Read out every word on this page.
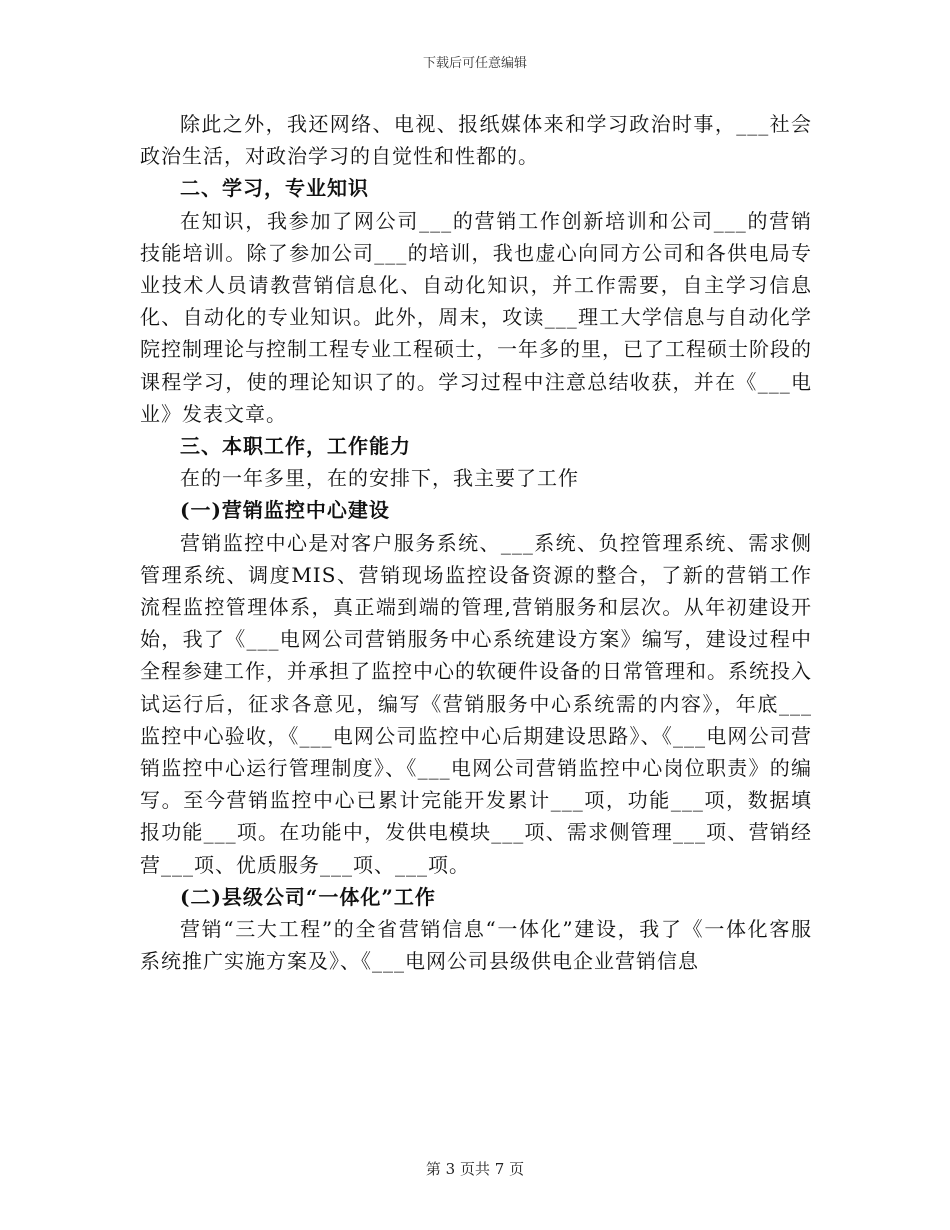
下载后可任意编辑

除此之外，我还网络、电视、报纸媒体来和学习政治时事，___社会政治生活，对政治学习的自觉性和性都的。

二、学习，专业知识

在知识，我参加了网公司___的营销工作创新培训和公司___的营销技能培训。除了参加公司___的培训，我也虚心向同方公司和各供电局专业技术人员请教营销信息化、自动化知识，并工作需要，自主学习信息化、自动化的专业知识。此外，周末，攻读___理工大学信息与自动化学院控制理论与控制工程专业工程硕士，一年多的里，已了工程硕士阶段的课程学习，使的理论知识了的。学习过程中注意总结收获，并在《___电业》发表文章。

三、本职工作，工作能力

在的一年多里，在的安排下，我主要了工作

(一)营销监控中心建设

营销监控中心是对客户服务系统、___系统、负控管理系统、需求侧管理系统、调度MIS、营销现场监控设备资源的整合，了新的营销工作流程监控管理体系，真正端到端的管理,营销服务和层次。从年初建设开始，我了《___电网公司营销服务中心系统建设方案》编写，建设过程中全程参建工作，并承担了监控中心的软硬件设备的日常管理和。系统投入试运行后，征求各意见，编写《营销服务中心系统需的内容》，年底___监控中心验收，《___电网公司监控中心后期建设思路》、《___电网公司营销监控中心运行管理制度》、《___电网公司营销监控中心岗位职责》的编写。至今营销监控中心已累计完能开发累计___项，功能___项，数据填报功能___项。在功能中，发供电模块___项、需求侧管理___项、营销经营___项、优质服务___项、___项。

(二)县级公司“一体化”工作

营销“三大工程”的全省营销信息“一体化”建设，我了《一体化客服系统推广实施方案及》、《___电网公司县级供电企业营销信息

第 3 页共 7 页
